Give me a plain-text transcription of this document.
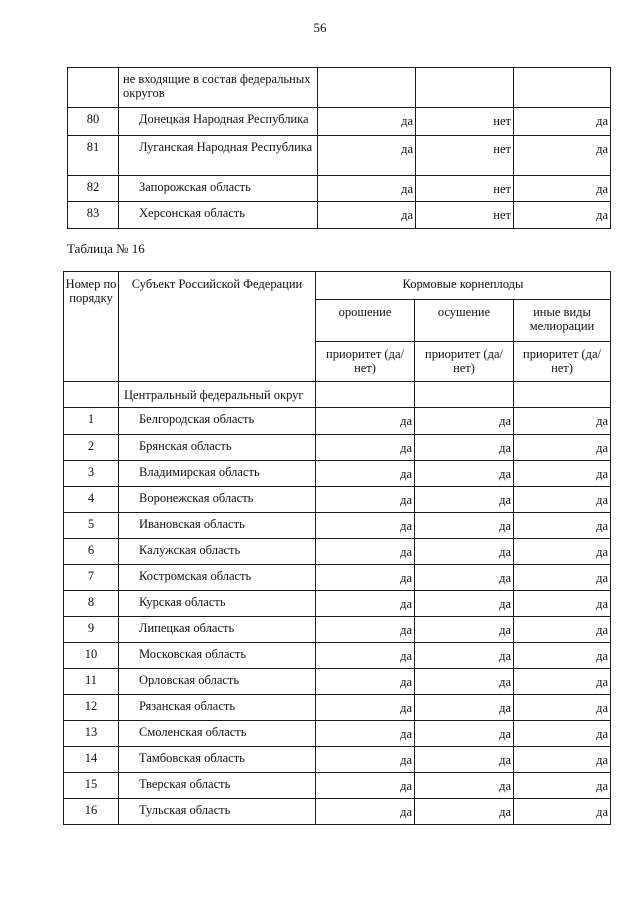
56
	не входящие в состав федеральных округов			
80	Донецкая Народная Республика	да	нет	да
81	Луганская Народная Республика	да	нет	да
82	Запорожская область	да	нет	да
83	Херсонская область	да	нет	да
Таблица № 16
Номер по порядку	Субъект Российской Федерации	Кормовые корнеплоды		
		орошение	осушение	иные виды мелиорации
		приоритет (да/нет)	приоритет (да/нет)	приоритет (да/нет)
	Центральный федеральный округ			
1	Белгородская область	да	да	да
2	Брянская область	да	да	да
3	Владимирская область	да	да	да
4	Воронежская область	да	да	да
5	Ивановская область	да	да	да
6	Калужская область	да	да	да
7	Костромская область	да	да	да
8	Курская область	да	да	да
9	Липецкая область	да	да	да
10	Московская область	да	да	да
11	Орловская область	да	да	да
12	Рязанская область	да	да	да
13	Смоленская область	да	да	да
14	Тамбовская область	да	да	да
15	Тверская область	да	да	да
16	Тульская область	да	да	да
